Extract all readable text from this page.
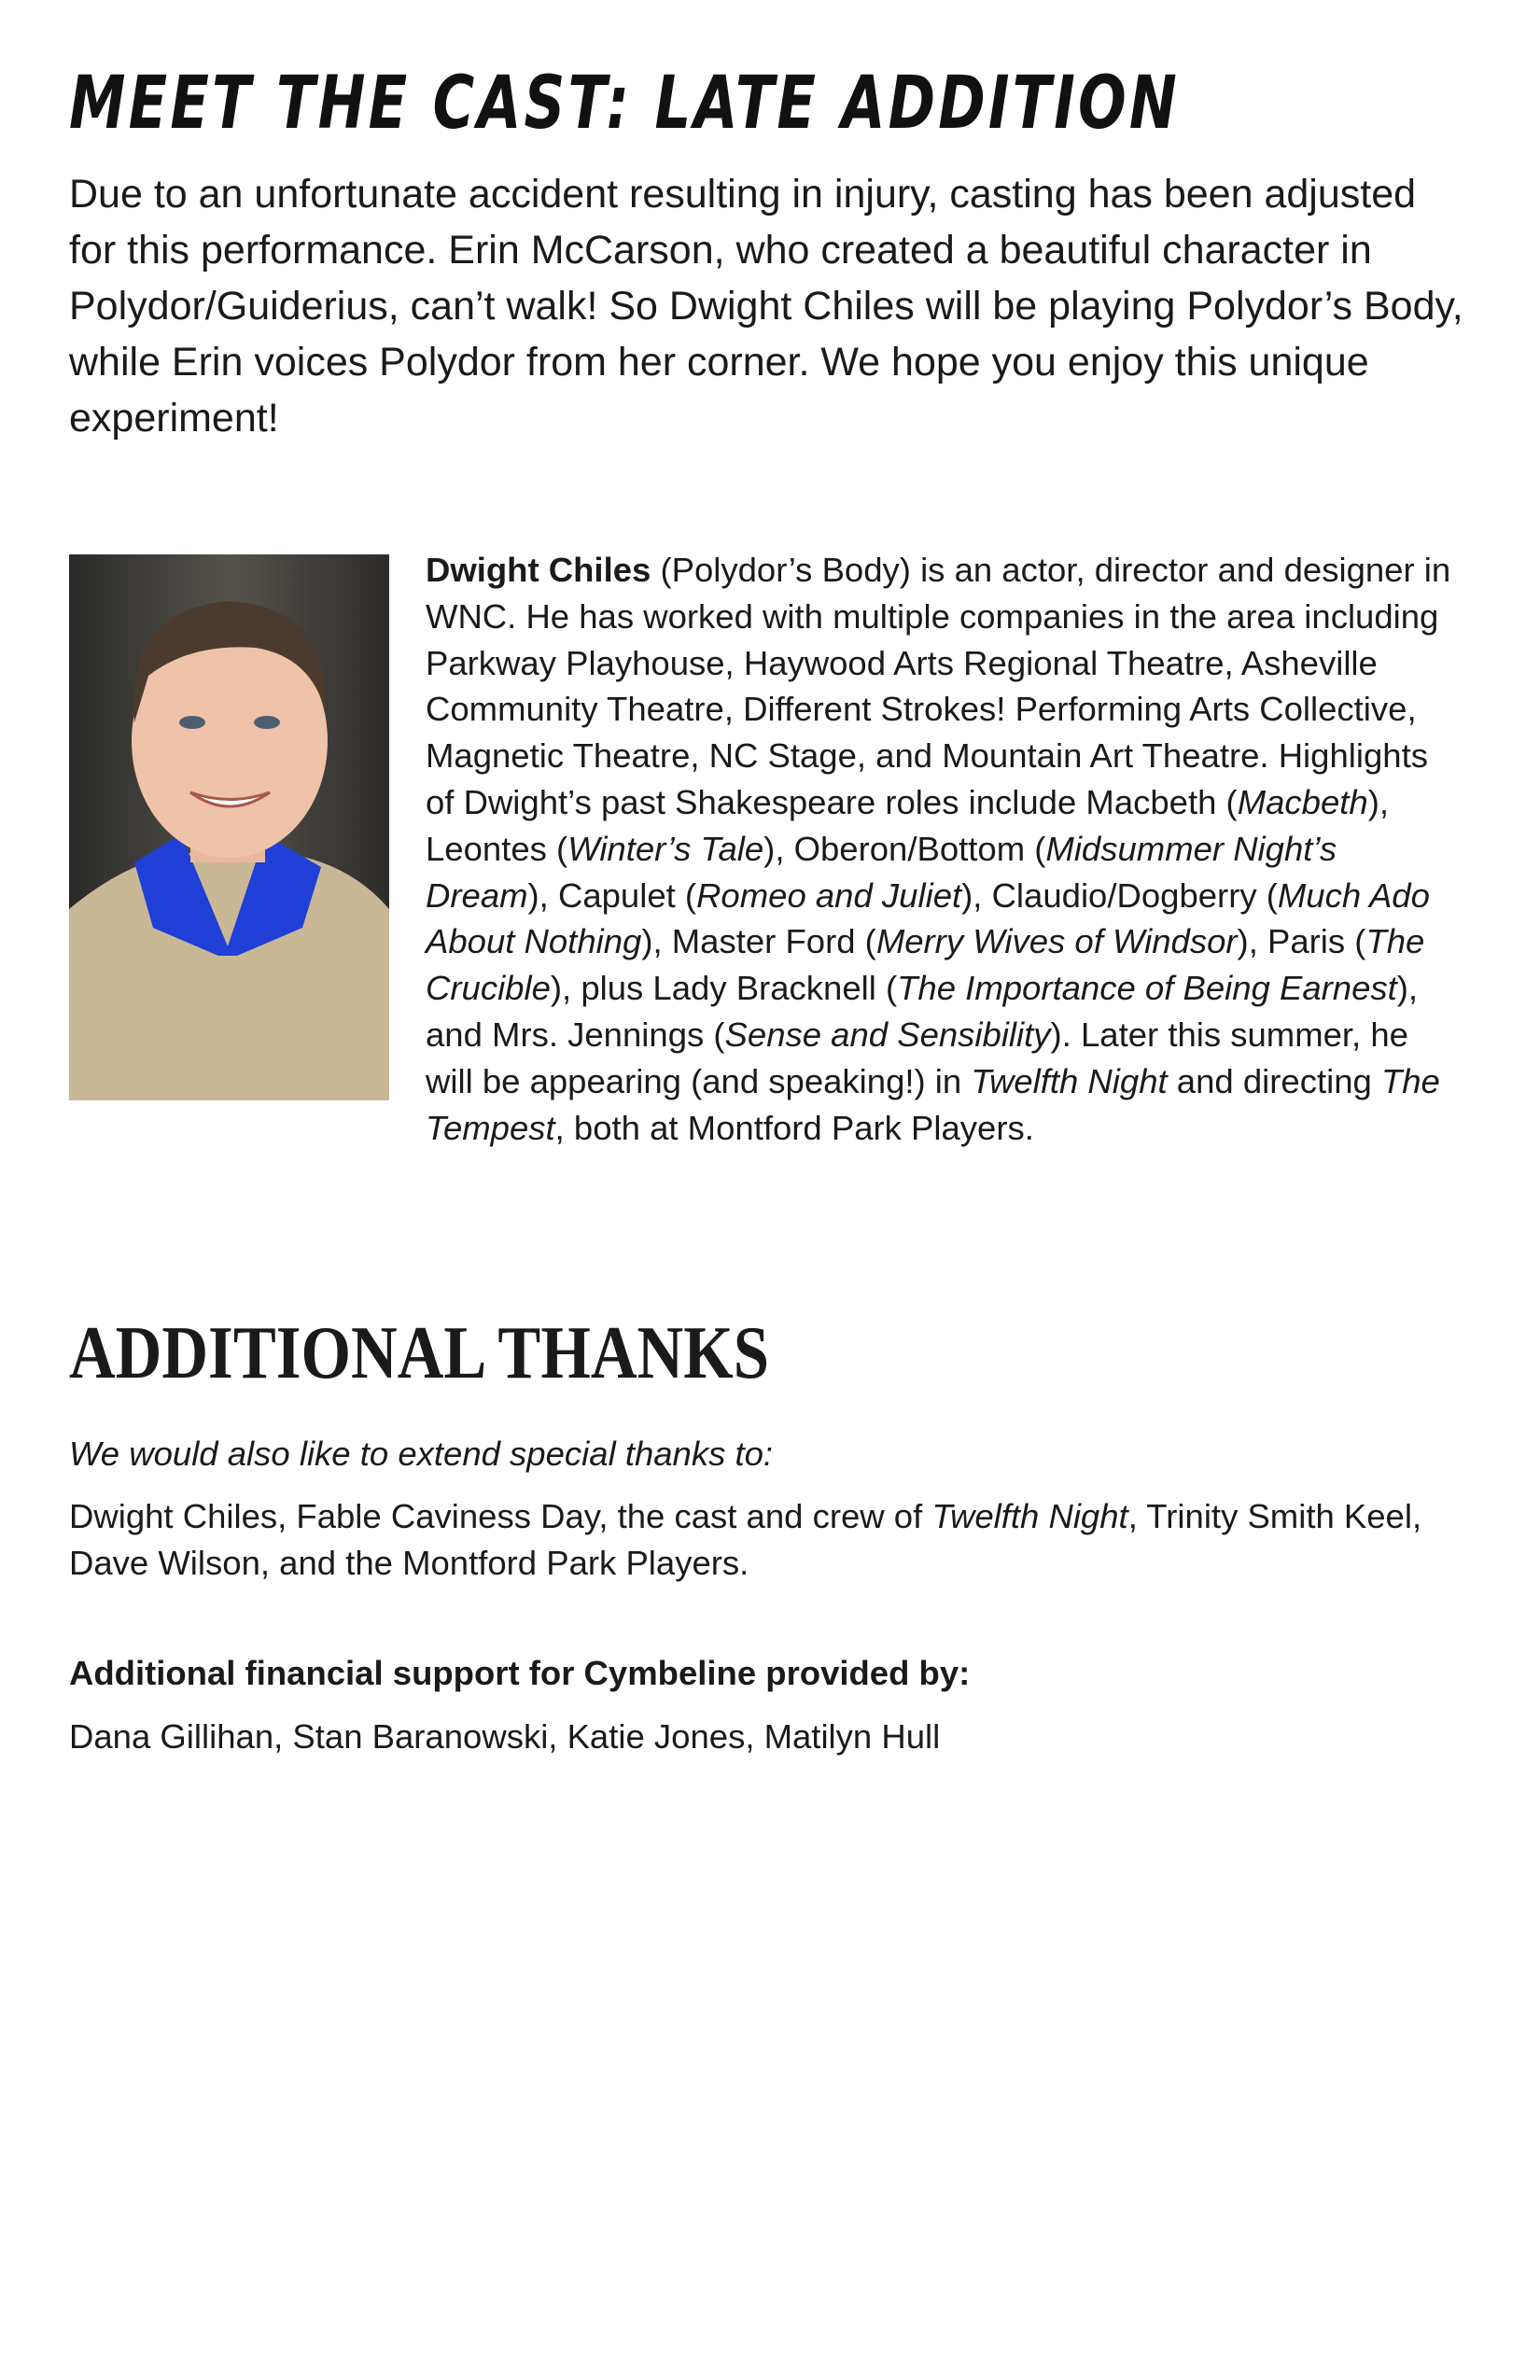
MEET THE CAST: LATE ADDITION

Due to an unfortunate accident resulting in injury, casting has been adjusted for this performance. Erin McCarson, who created a beautiful character in Polydor/Guiderius, can’t walk! So Dwight Chiles will be playing Polydor’s Body, while Erin voices Polydor from her corner. We hope you enjoy this unique experiment!

Dwight Chiles (Polydor’s Body) is an actor, director and designer in WNC. He has worked with multiple companies in the area including Parkway Playhouse, Haywood Arts Regional Theatre, Asheville Community Theatre, Different Strokes! Performing Arts Collective, Magnetic Theatre, NC Stage, and Mountain Art Theatre. Highlights of Dwight’s past Shakespeare roles include Macbeth (Macbeth), Leontes (Winter’s Tale), Oberon/Bottom (Midsummer Night’s Dream), Capulet (Romeo and Juliet), Claudio/Dogberry (Much Ado About Nothing), Master Ford (Merry Wives of Windsor), Paris (The Crucible), plus Lady Bracknell (The Importance of Being Earnest), and Mrs. Jennings (Sense and Sensibility). Later this summer, he will be appearing (and speaking!) in Twelfth Night and directing The Tempest, both at Montford Park Players.
ADDITIONAL THANKS
We would also like to extend special thanks to:
Dwight Chiles, Fable Caviness Day, the cast and crew of Twelfth Night, Trinity Smith Keel, Dave Wilson, and the Montford Park Players.
Additional financial support for Cymbeline provided by:
Dana Gillihan, Stan Baranowski, Katie Jones, Matilyn Hull
